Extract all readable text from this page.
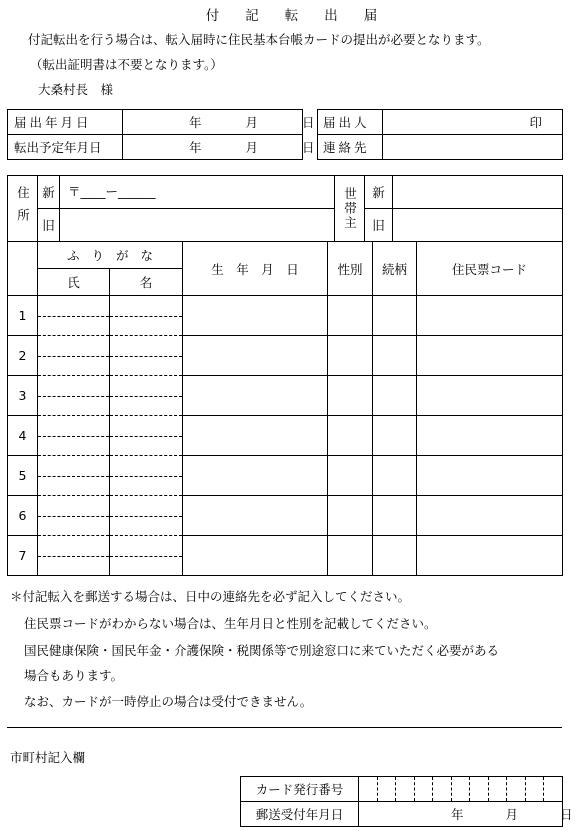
付記転出届
付記転出を行う場合は、転入届時に住民基本台帳カードの提出が必要となります。
（転出証明書は不要となります。）
大桑村長　様
届出年月日	年 月 日		届出人	印
転出予定年月日	年 月 日		連絡先	
住所	新	〒____ー______	世帯主	新	
	旧			旧	
	ふりがな		生　年　月　日	性別	続柄	住民票コード
	氏	名				
1	

2	

3	

4	

5	

6	

7	

＊付記転入を郵送する場合は、日中の連絡先を必ず記入してください。
住民票コードがわからない場合は、生年月日と性別を記載してください。
国民健康保険・国民年金・介護保険・税関係等で別途窓口に来ていただく必要がある
場合もあります。
なお、カードが一時停止の場合は受付できません。
市町村記入欄
カード発行番号	

郵送受付年月日	年 月 日
